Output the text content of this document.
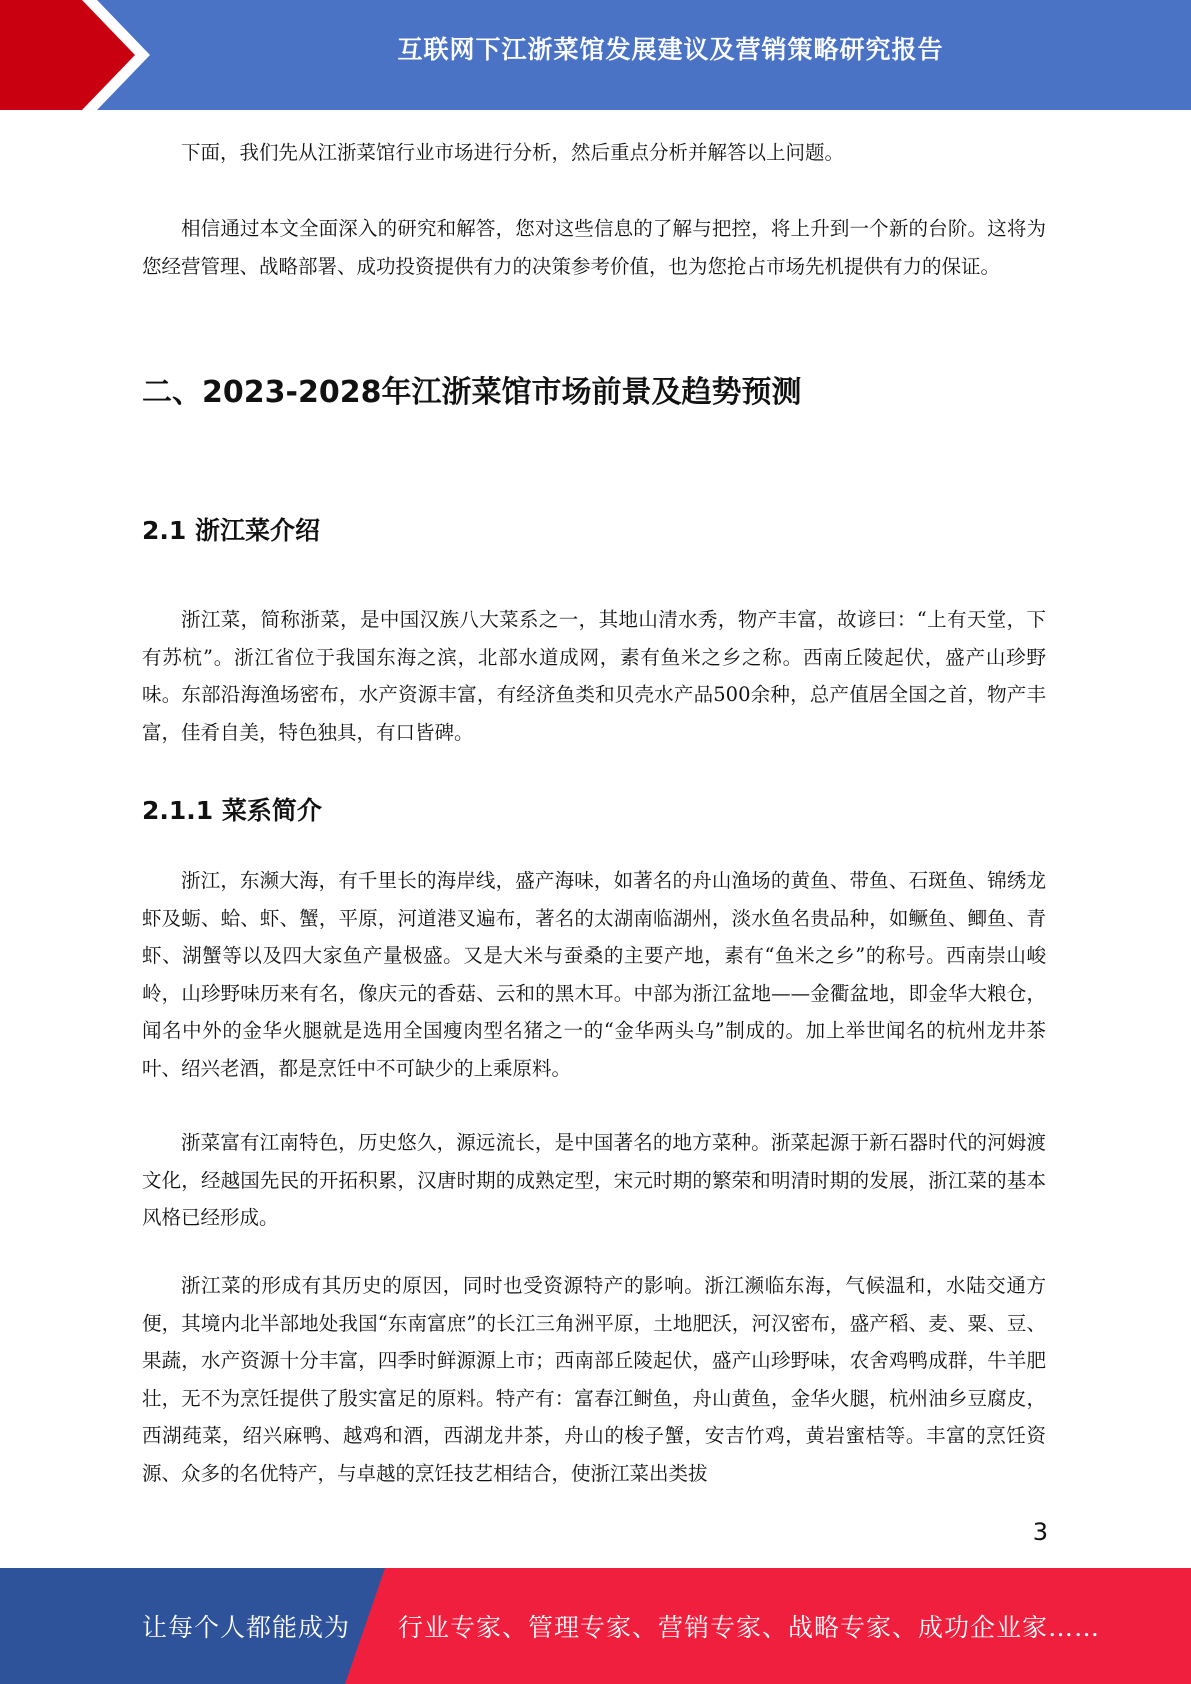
互联网下江浙菜馆发展建议及营销策略研究报告

下面，我们先从江浙菜馆行业市场进行分析，然后重点分析并解答以上问题。

相信通过本文全面深入的研究和解答，您对这些信息的了解与把控，将上升到一个新的台阶。这将为您经营管理、战略部署、成功投资提供有力的决策参考价值，也为您抢占市场先机提供有力的保证。

二、2023-2028年江浙菜馆市场前景及趋势预测
2.1 浙江菜介绍

浙江菜，简称浙菜，是中国汉族八大菜系之一，其地山清水秀，物产丰富，故谚曰：“上有天堂，下有苏杭”。浙江省位于我国东海之滨，北部水道成网，素有鱼米之乡之称。西南丘陵起伏，盛产山珍野味。东部沿海渔场密布，水产资源丰富，有经济鱼类和贝壳水产品500余种，总产值居全国之首，物产丰富，佳肴自美，特色独具，有口皆碑。

2.1.1 菜系简介

浙江，东濒大海，有千里长的海岸线，盛产海味，如著名的舟山渔场的黄鱼、带鱼、石斑鱼、锦绣龙虾及蛎、蛤、虾、蟹，平原，河道港叉遍布，著名的太湖南临湖州，淡水鱼名贵品种，如鳜鱼、鲫鱼、青虾、湖蟹等以及四大家鱼产量极盛。又是大米与蚕桑的主要产地，素有“鱼米之乡”的称号。西南崇山峻岭，山珍野味历来有名，像庆元的香菇、云和的黑木耳。中部为浙江盆地——金衢盆地，即金华大粮仓，闻名中外的金华火腿就是选用全国瘦肉型名猪之一的“金华两头乌”制成的。加上举世闻名的杭州龙井茶叶、绍兴老酒，都是烹饪中不可缺少的上乘原料。

浙菜富有江南特色，历史悠久，源远流长，是中国著名的地方菜种。浙菜起源于新石器时代的河姆渡文化，经越国先民的开拓积累，汉唐时期的成熟定型，宋元时期的繁荣和明清时期的发展，浙江菜的基本风格已经形成。

浙江菜的形成有其历史的原因，同时也受资源特产的影响。浙江濒临东海，气候温和，水陆交通方便，其境内北半部地处我国“东南富庶”的长江三角洲平原，土地肥沃，河汉密布，盛产稻、麦、粟、豆、果蔬，水产资源十分丰富，四季时鲜源源上市；西南部丘陵起伏，盛产山珍野味，农舍鸡鸭成群，牛羊肥壮，无不为烹饪提供了殷实富足的原料。特产有：富春江鲥鱼，舟山黄鱼，金华火腿，杭州油乡豆腐皮，西湖莼菜，绍兴麻鸭、越鸡和酒，西湖龙井茶，舟山的梭子蟹，安吉竹鸡，黄岩蜜桔等。丰富的烹饪资源、众多的名优特产，与卓越的烹饪技艺相结合，使浙江菜出类拔

3
让每个人都能成为 行业专家、管理专家、营销专家、战略专家、成功企业家……
